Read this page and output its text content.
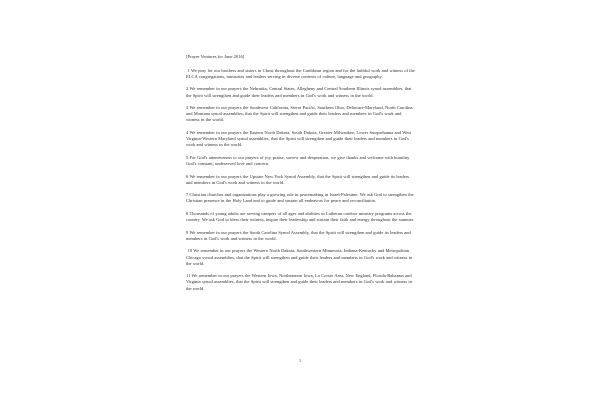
[Prayer Ventures for June 2016]

1 We pray for our brothers and sisters in Christ throughout the Caribbean region and for the faithful work and witness of the ELCA congregations, ministries and leaders serving in diverse contexts of culture, language and geography.

2 We remember in our prayers the Nebraska, Central States, Allegheny and Central Southern Illinois synod assemblies, that the Spirit will strengthen and guide their leaders and members in God's work and witness in the world.

3 We remember in our prayers the Southwest California, Sierra Pacific, Southern Ohio, Delaware-Maryland, North Carolina and Montana synod assemblies, that the Spirit will strengthen and guide their leaders and members in God's work and witness in the world.

4 We remember in our prayers the Eastern North Dakota, South Dakota, Greater Milwaukee, Lower Susquehanna and West Virginia-Western Maryland synod assemblies, that the Spirit will strengthen and guide their leaders and members in God's work and witness in the world.

5 For God's attentiveness to our prayers of joy, praise, sorrow and desperation, we give thanks and welcome with humility God's constant, undeserved love and concern.

6 We remember in our prayers the Upstate New York Synod Assembly, that the Spirit will strengthen and guide its leaders and members in God's work and witness in the world.

7 Christian churches and organizations play a growing role in peacemaking in Israel-Palestine. We ask God to strengthen the Christian presence in the Holy Land and to guide and sustain all endeavors for peace and reconciliation.

8 Thousands of young adults are serving campers of all ages and abilities in Lutheran outdoor ministry programs across the country. We ask God to bless their witness, inspire their leadership and sustain their faith and energy throughout the summer.

9 We remember in our prayers the South Carolina Synod Assembly, that the Spirit will strengthen and guide its leaders and members in God's work and witness in the world.

10 We remember in our prayers the Western North Dakota, Southwestern Minnesota, Indiana-Kentucky and Metropolitan Chicago synod assemblies, that the Spirit will strengthen and guide their leaders and members in God's work and witness in the world.

11 We remember in our prayers the Western Iowa, Northeastern Iowa, La Crosse Area, New England, Florida-Bahamas and Virginia synod assemblies, that the Spirit will strengthen and guide their leaders and members in God's work and witness in the world.

1
